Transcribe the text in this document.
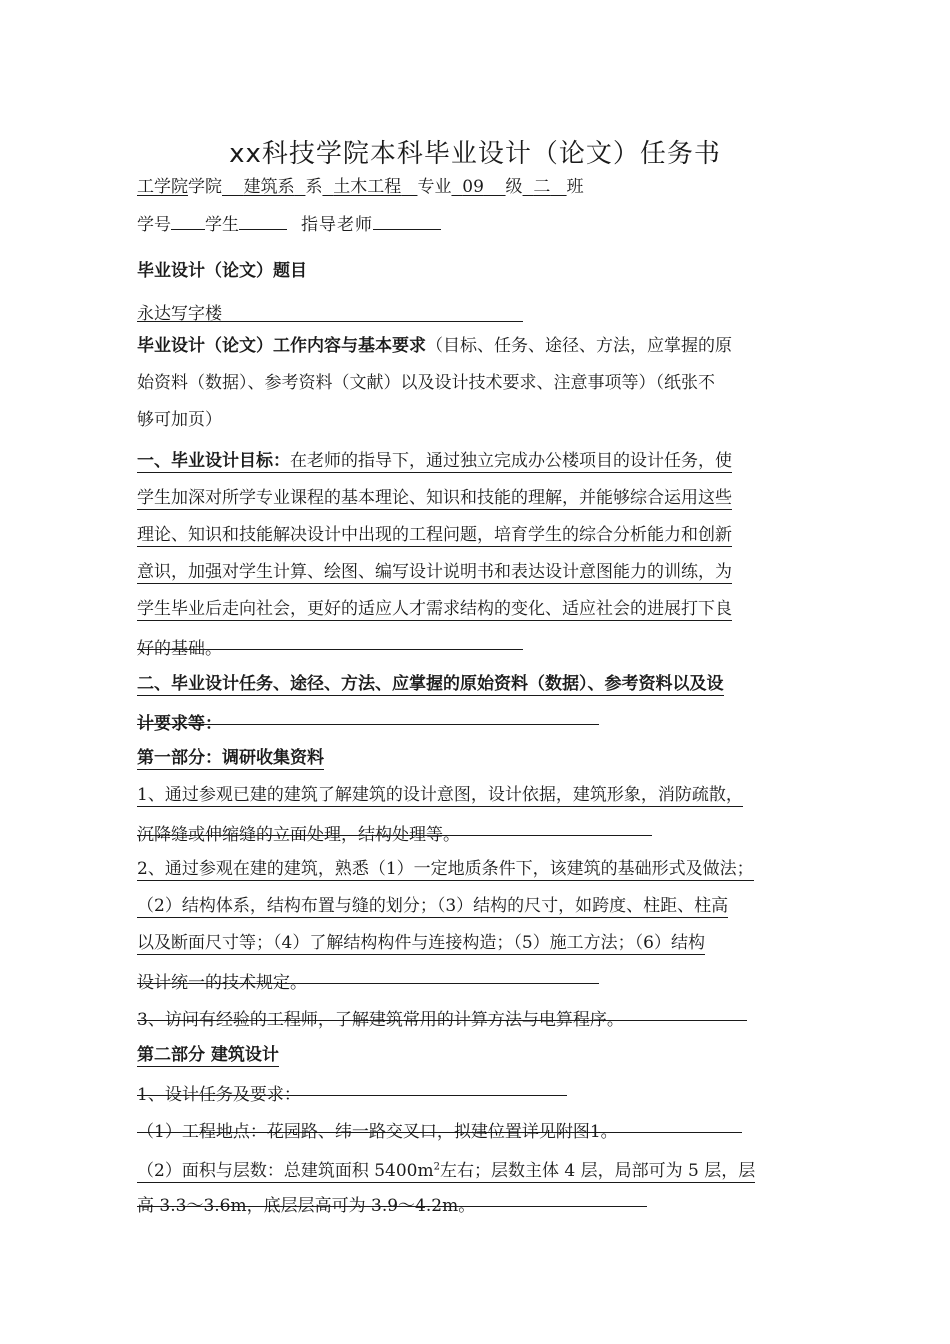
xx科技学院本科毕业设计（论文）任务书
工学院学院 建筑系 系 土木工程 专业 09 级 二 班
学号 学生	指导老师
毕业设计（论文）题目
永达写字楼
毕业设计（论文）工作内容与基本要求（目标、任务、途径、方法，应掌握的原
始资料（数据）、参考资料（文献）以及设计技术要求、注意事项等）（纸张不
够可加页）
一、毕业设计目标：在老师的指导下，通过独立完成办公楼项目的设计任务，使
学生加深对所学专业课程的基本理论、知识和技能的理解，并能够综合运用这些
理论、知识和技能解决设计中出现的工程问题，培育学生的综合分析能力和创新
意识，加强对学生计算、绘图、编写设计说明书和表达设计意图能力的训练，为
学生毕业后走向社会，更好的适应人才需求结构的变化、适应社会的进展打下良
好的基础。
二、毕业设计任务、途径、方法、应掌握的原始资料（数据）、参考资料以及设
计要求等：
第一部分：调研收集资料
1、通过参观已建的建筑了解建筑的设计意图，设计依据，建筑形象，消防疏散，
沉降缝或伸缩缝的立面处理，结构处理等。
2、通过参观在建的建筑，熟悉（1）一定地质条件下，该建筑的基础形式及做法；
（2）结构体系，结构布置与缝的划分；（3）结构的尺寸，如跨度、柱距、柱高
以及断面尺寸等；（4）了解结构构件与连接构造；（5）施工方法；（6）结构
设计统一的技术规定。
3、访问有经验的工程师，了解建筑常用的计算方法与电算程序。
第二部分 建筑设计
1、设计任务及要求：
（1）工程地点：花园路、纬一路交叉口，拟建位置详见附图1。
（2）面积与层数：总建筑面积 $5400m^2$左右；层数主体 4 层，局部可为 5 层，层
高 3.3～3.6m，底层层高可为 3.9～4.2m。
